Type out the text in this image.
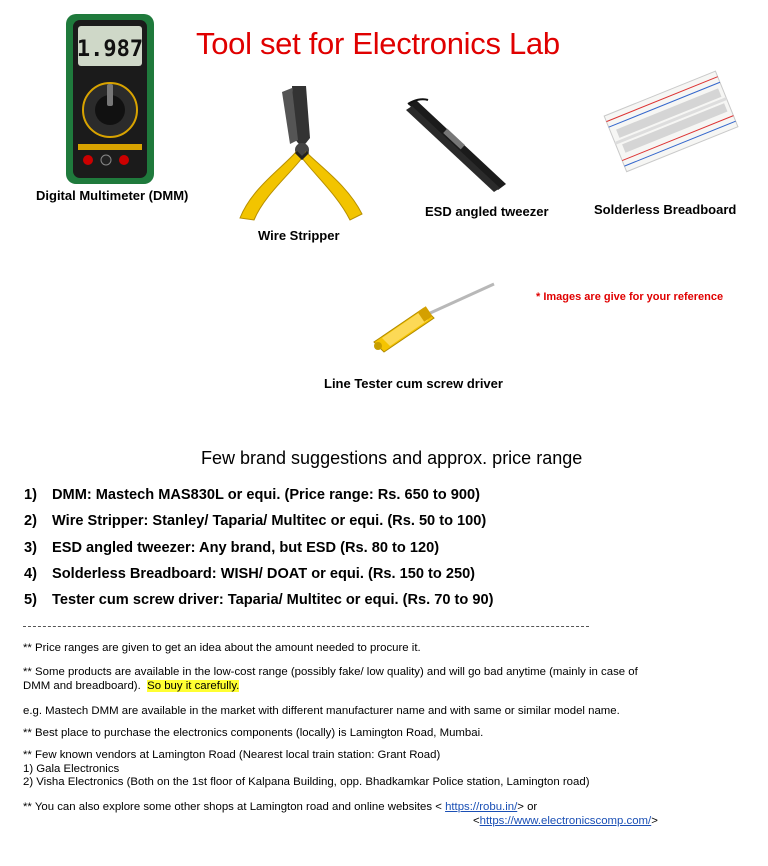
Tool set for Electronics Lab
1.987
Digital Multimeter (DMM)
Wire Stripper
ESD angled tweezer	Solderless Breadboard
* Images are give for your reference
Line Tester cum screw driver
Few brand suggestions and approx. price range
1) DMM: Mastech MAS830L or equi. (Price range: Rs. 650 to 900)
2) Wire Stripper: Stanley/ Taparia/ Multitec or equi. (Rs. 50 to 100)
3) ESD angled tweezer: Any brand, but ESD (Rs. 80 to 120)
4) Solderless Breadboard: WISH/ DOAT or equi. (Rs. 150 to 250)
5) Tester cum screw driver: Taparia/ Multitec or equi. (Rs. 70 to 90)
** Price ranges are given to get an idea about the amount needed to procure it.
** Some products are available in the low-cost range (possibly fake/ low quality) and will go bad anytime (mainly in case of
DMM and breadboard). So buy it carefully.
e.g. Mastech DMM are available in the market with different manufacturer name and with same or similar model name.
** Best place to purchase the electronics components (locally) is Lamington Road, Mumbai.
** Few known vendors at Lamington Road (Nearest local train station: Grant Road)
1) Gala Electronics
2) Visha Electronics (Both on the 1st floor of Kalpana Building, opp. Bhadkamkar Police station, Lamington road)
** You can also explore some other shops at Lamington road and online websites < https://robu.in/> or
<https://www.electronicscomp.com/>
